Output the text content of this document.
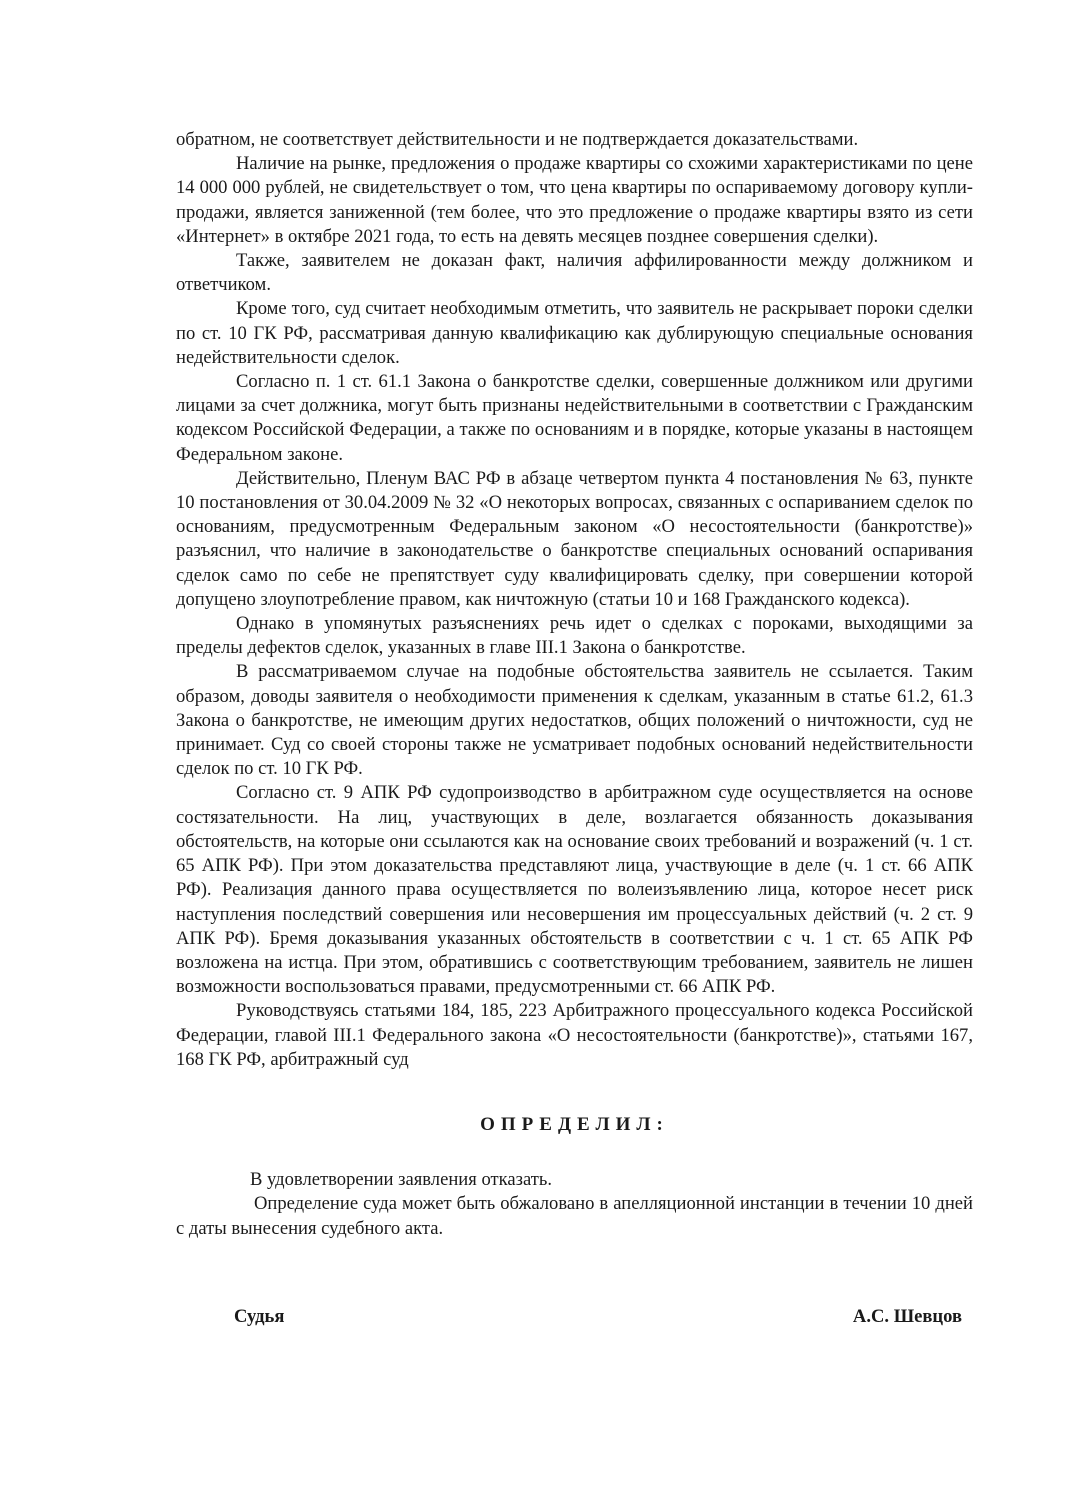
обратном, не соответствует действительности и не подтверждается доказательствами.

Наличие на рынке, предложения о продаже квартиры со схожими характеристиками по цене 14 000 000 рублей, не свидетельствует о том, что цена квартиры по оспариваемому договору купли-продажи, является заниженной (тем более, что это предложение о продаже квартиры взято из сети «Интернет» в октябре 2021 года, то есть на девять месяцев позднее совершения сделки).

Также, заявителем не доказан факт, наличия аффилированности между должником и ответчиком.

Кроме того, суд считает необходимым отметить, что заявитель не раскрывает пороки сделки по ст. 10 ГК РФ, рассматривая данную квалификацию как дублирующую специальные основания недействительности сделок.

Согласно п. 1 ст. 61.1 Закона о банкротстве сделки, совершенные должником или другими лицами за счет должника, могут быть признаны недействительными в соответствии с Гражданским кодексом Российской Федерации, а также по основаниям и в порядке, которые указаны в настоящем Федеральном законе.

Действительно, Пленум ВАС РФ в абзаце четвертом пункта 4 постановления № 63, пункте 10 постановления от 30.04.2009 № 32 «О некоторых вопросах, связанных с оспариванием сделок по основаниям, предусмотренным Федеральным законом «О несостоятельности (банкротстве)» разъяснил, что наличие в законодательстве о банкротстве специальных оснований оспаривания сделок само по себе не препятствует суду квалифицировать сделку, при совершении которой допущено злоупотребление правом, как ничтожную (статьи 10 и 168 Гражданского кодекса).

Однако в упомянутых разъяснениях речь идет о сделках с пороками, выходящими за пределы дефектов сделок, указанных в главе III.1 Закона о банкротстве.

В рассматриваемом случае на подобные обстоятельства заявитель не ссылается. Таким образом, доводы заявителя о необходимости применения к сделкам, указанным в статье 61.2, 61.3 Закона о банкротстве, не имеющим других недостатков, общих положений о ничтожности, суд не принимает. Суд со своей стороны также не усматривает подобных оснований недействительности сделок по ст. 10 ГК РФ.

Согласно ст. 9 АПК РФ судопроизводство в арбитражном суде осуществляется на основе состязательности. На лиц, участвующих в деле, возлагается обязанность доказывания обстоятельств, на которые они ссылаются как на основание своих требований и возражений (ч. 1 ст. 65 АПК РФ). При этом доказательства представляют лица, участвующие в деле (ч. 1 ст. 66 АПК РФ). Реализация данного права осуществляется по волеизъявлению лица, которое несет риск наступления последствий совершения или несовершения им процессуальных действий (ч. 2 ст. 9 АПК РФ). Бремя доказывания указанных обстоятельств в соответствии с ч. 1 ст. 65 АПК РФ возложена на истца. При этом, обратившись с соответствующим требованием, заявитель не лишен возможности воспользоваться правами, предусмотренными ст. 66 АПК РФ.

Руководствуясь статьями 184, 185, 223 Арбитражного процессуального кодекса Российской Федерации, главой III.1 Федерального закона «О несостоятельности (банкротстве)», статьями 167, 168 ГК РФ, арбитражный суд

ОПРЕДЕЛИЛ:

В удовлетворении заявления отказать.

Определение суда может быть обжаловано в апелляционной инстанции в течении 10 дней с даты вынесения судебного акта.

Судья	А.С. Шевцов
